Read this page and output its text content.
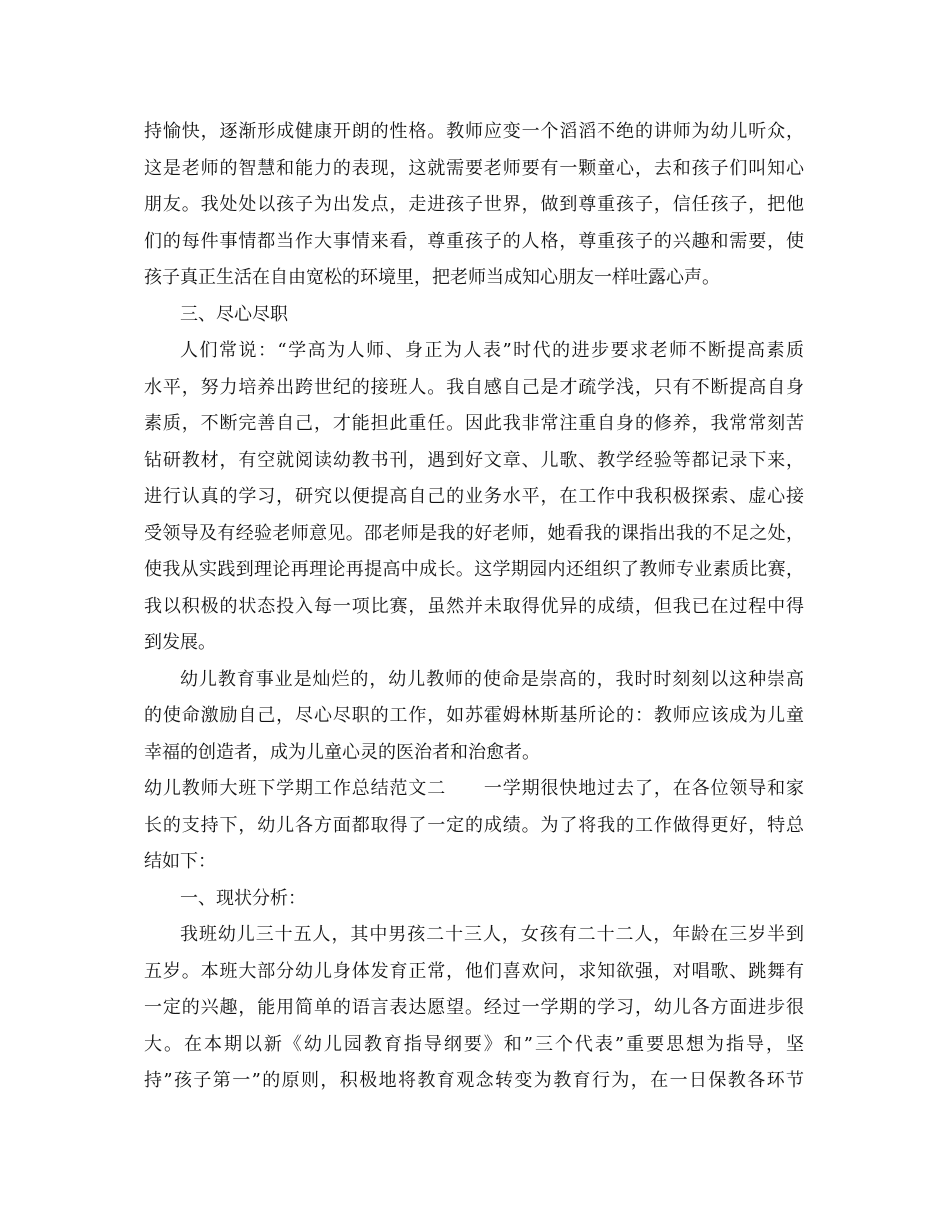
持愉快，逐渐形成健康开朗的性格。教师应变一个滔滔不绝的讲师为幼儿听众，
这是老师的智慧和能力的表现，这就需要老师要有一颗童心，去和孩子们叫知心
朋友。我处处以孩子为出发点，走进孩子世界，做到尊重孩子，信任孩子，把他
们的每件事情都当作大事情来看，尊重孩子的人格，尊重孩子的兴趣和需要，使
孩子真正生活在自由宽松的环境里，把老师当成知心朋友一样吐露心声。
三、尽心尽职
人们常说：“学高为人师、身正为人表”时代的进步要求老师不断提高素质
水平，努力培养出跨世纪的接班人。我自感自己是才疏学浅，只有不断提高自身
素质，不断完善自己，才能担此重任。因此我非常注重自身的修养，我常常刻苦
钻研教材，有空就阅读幼教书刊，遇到好文章、儿歌、教学经验等都记录下来，
进行认真的学习，研究以便提高自己的业务水平，在工作中我积极探索、虚心接
受领导及有经验老师意见。邵老师是我的好老师，她看我的课指出我的不足之处，
使我从实践到理论再理论再提高中成长。这学期园内还组织了教师专业素质比赛，
我以积极的状态投入每一项比赛，虽然并未取得优异的成绩，但我已在过程中得
到发展。
幼儿教育事业是灿烂的，幼儿教师的使命是崇高的，我时时刻刻以这种崇高
的使命激励自己，尽心尽职的工作，如苏霍姆林斯基所论的：教师应该成为儿童
幸福的创造者，成为儿童心灵的医治者和治愈者。
幼儿教师大班下学期工作总结范文二　　一学期很快地过去了，在各位领导和家
长的支持下，幼儿各方面都取得了一定的成绩。为了将我的工作做得更好，特总
结如下：
一、现状分析：
我班幼儿三十五人，其中男孩二十三人，女孩有二十二人，年龄在三岁半到
五岁。本班大部分幼儿身体发育正常，他们喜欢问，求知欲强，对唱歌、跳舞有
一定的兴趣，能用简单的语言表达愿望。经过一学期的学习，幼儿各方面进步很
大。在本期以新《幼儿园教育指导纲要》和”三个代表”重要思想为指导，坚
持”孩子第一”的原则，积极地将教育观念转变为教育行为，在一日保教各环节
